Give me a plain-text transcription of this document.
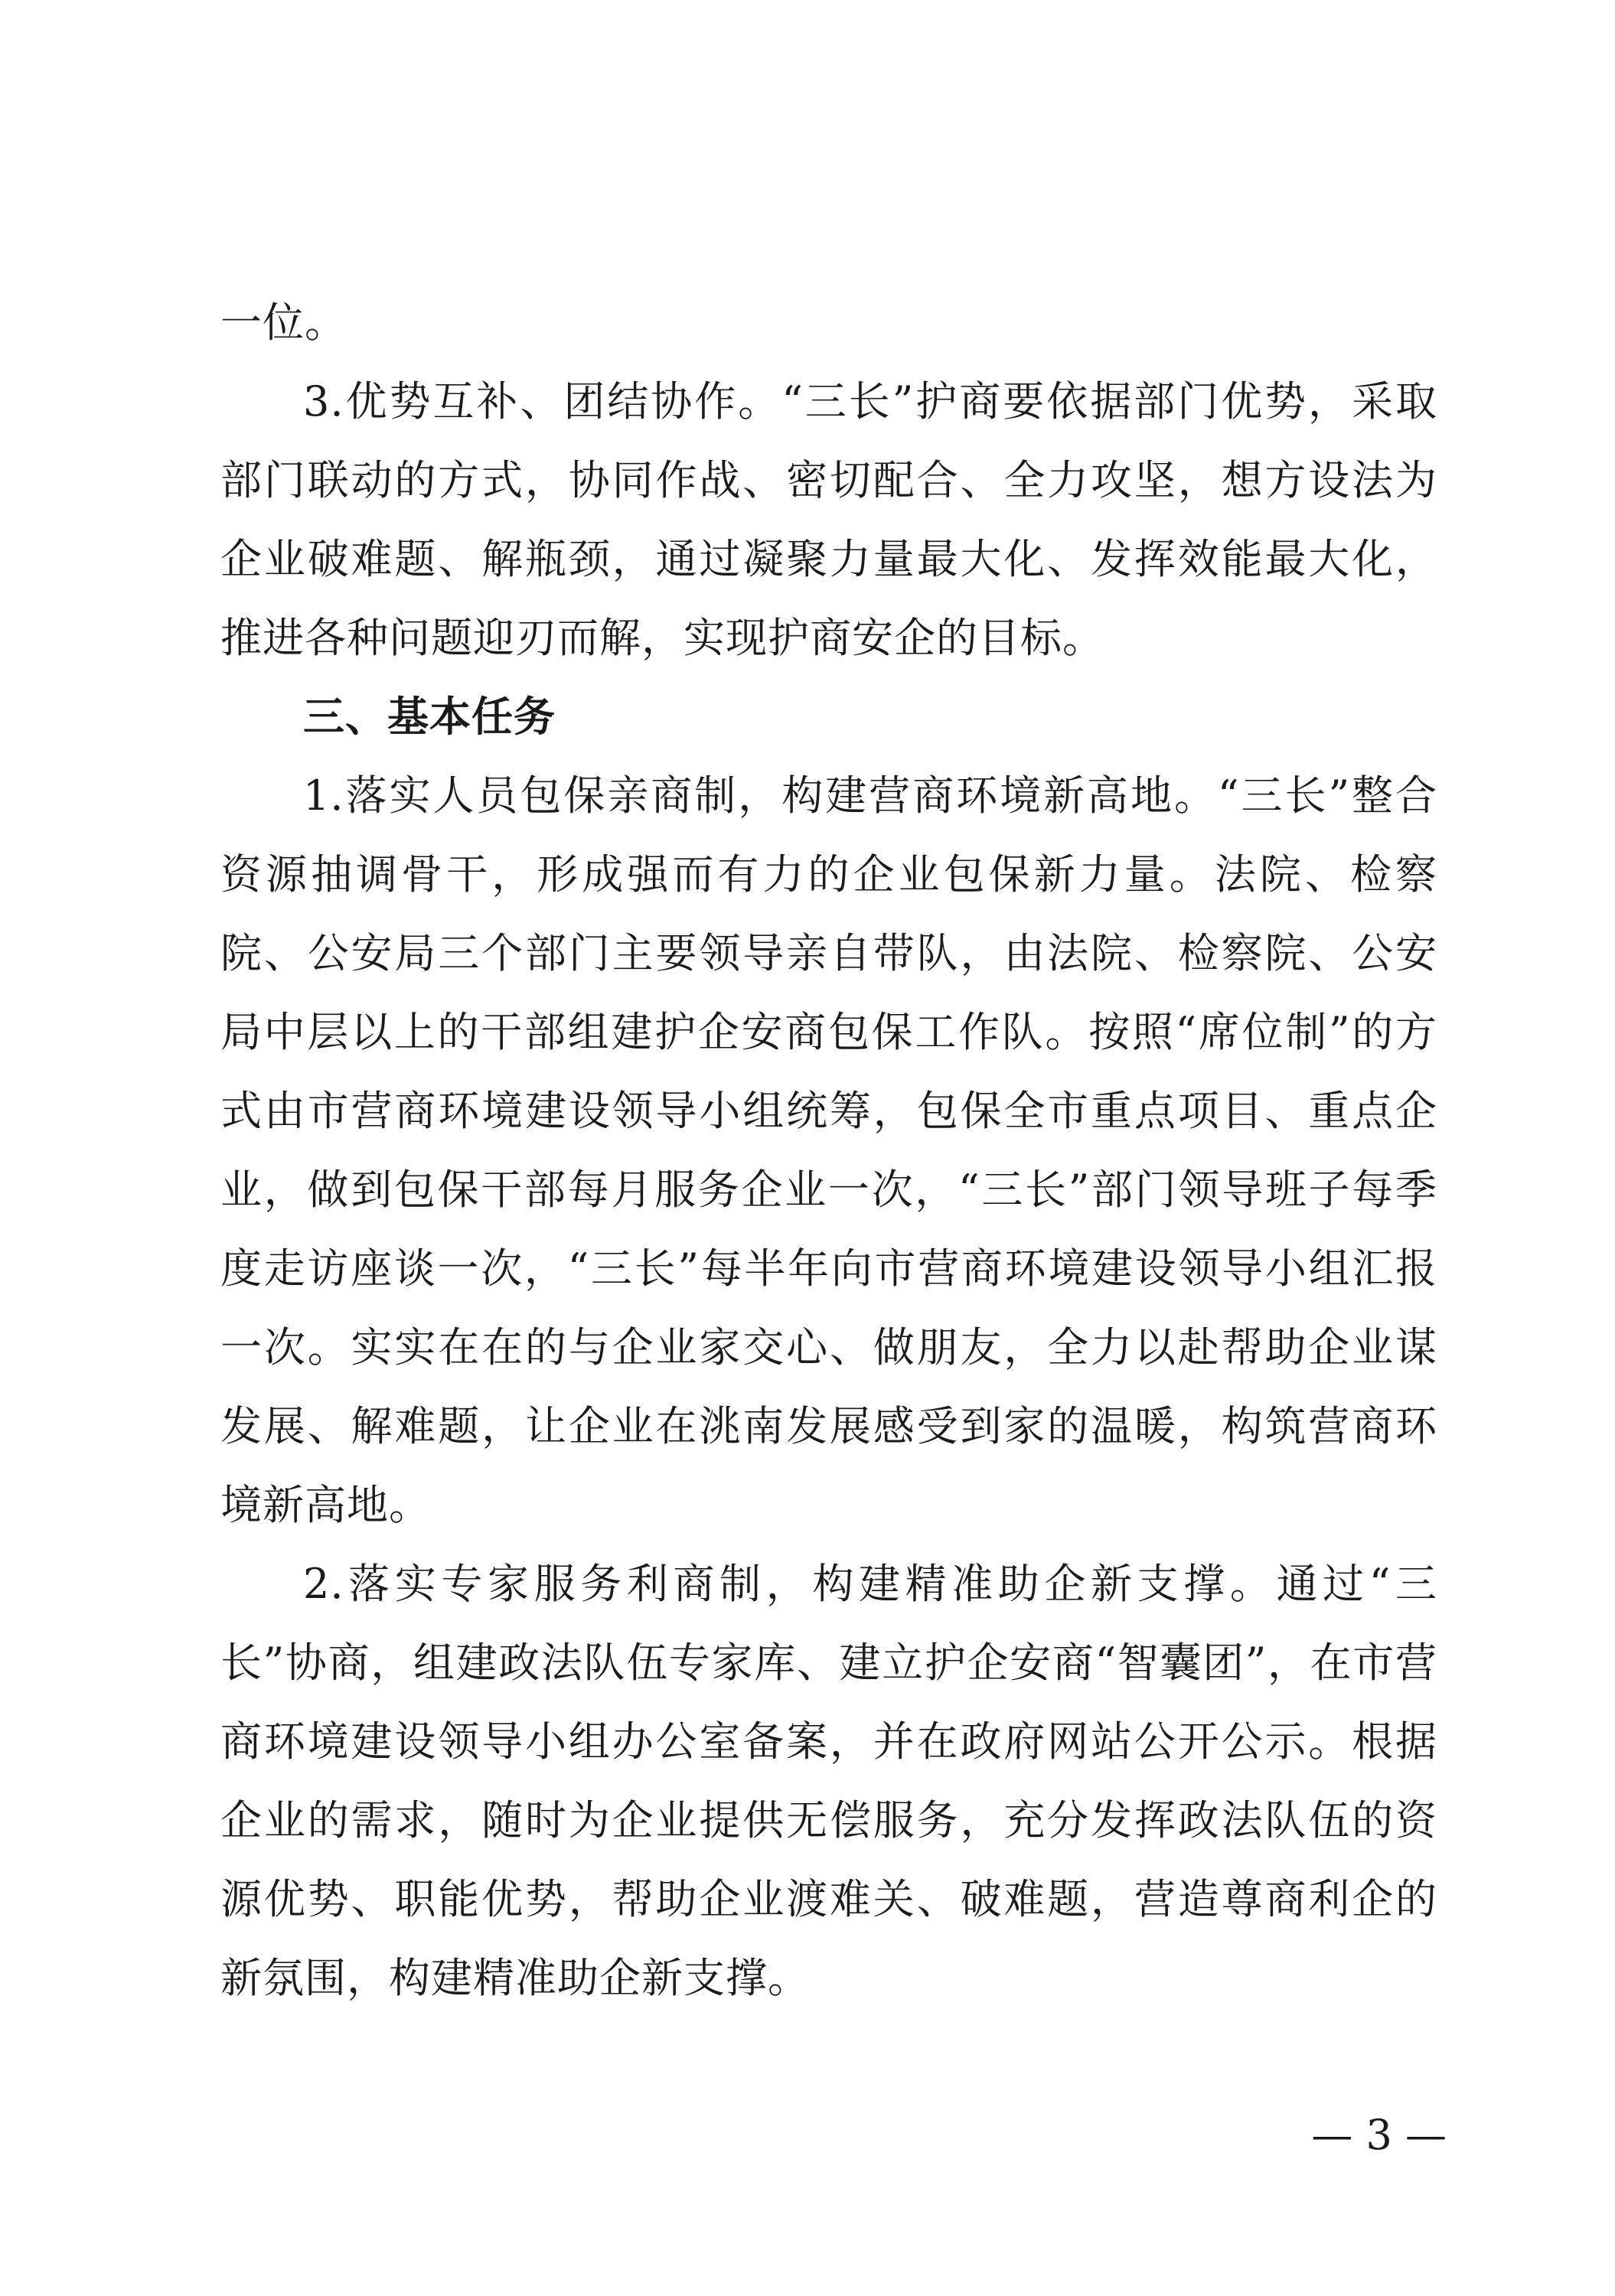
一位。

3.优势互补、团结协作。“三长”护商要依据部门优势，采取部门联动的方式，协同作战、密切配合、全力攻坚，想方设法为企业破难题、解瓶颈，通过凝聚力量最大化、发挥效能最大化，推进各种问题迎刃而解，实现护商安企的目标。

三、基本任务

1.落实人员包保亲商制，构建营商环境新高地。“三长”整合资源抽调骨干，形成强而有力的企业包保新力量。法院、检察院、公安局三个部门主要领导亲自带队，由法院、检察院、公安局中层以上的干部组建护企安商包保工作队。按照“席位制”的方式由市营商环境建设领导小组统筹，包保全市重点项目、重点企业，做到包保干部每月服务企业一次，“三长”部门领导班子每季度走访座谈一次，“三长”每半年向市营商环境建设领导小组汇报一次。实实在在的与企业家交心、做朋友，全力以赴帮助企业谋发展、解难题，让企业在洮南发展感受到家的温暖，构筑营商环境新高地。

2.落实专家服务利商制，构建精准助企新支撑。通过“三长”协商，组建政法队伍专家库、建立护企安商“智囊团”，在市营商环境建设领导小组办公室备案，并在政府网站公开公示。根据企业的需求，随时为企业提供无偿服务，充分发挥政法队伍的资源优势、职能优势，帮助企业渡难关、破难题，营造尊商利企的新氛围，构建精准助企新支撑。

— 3 —
